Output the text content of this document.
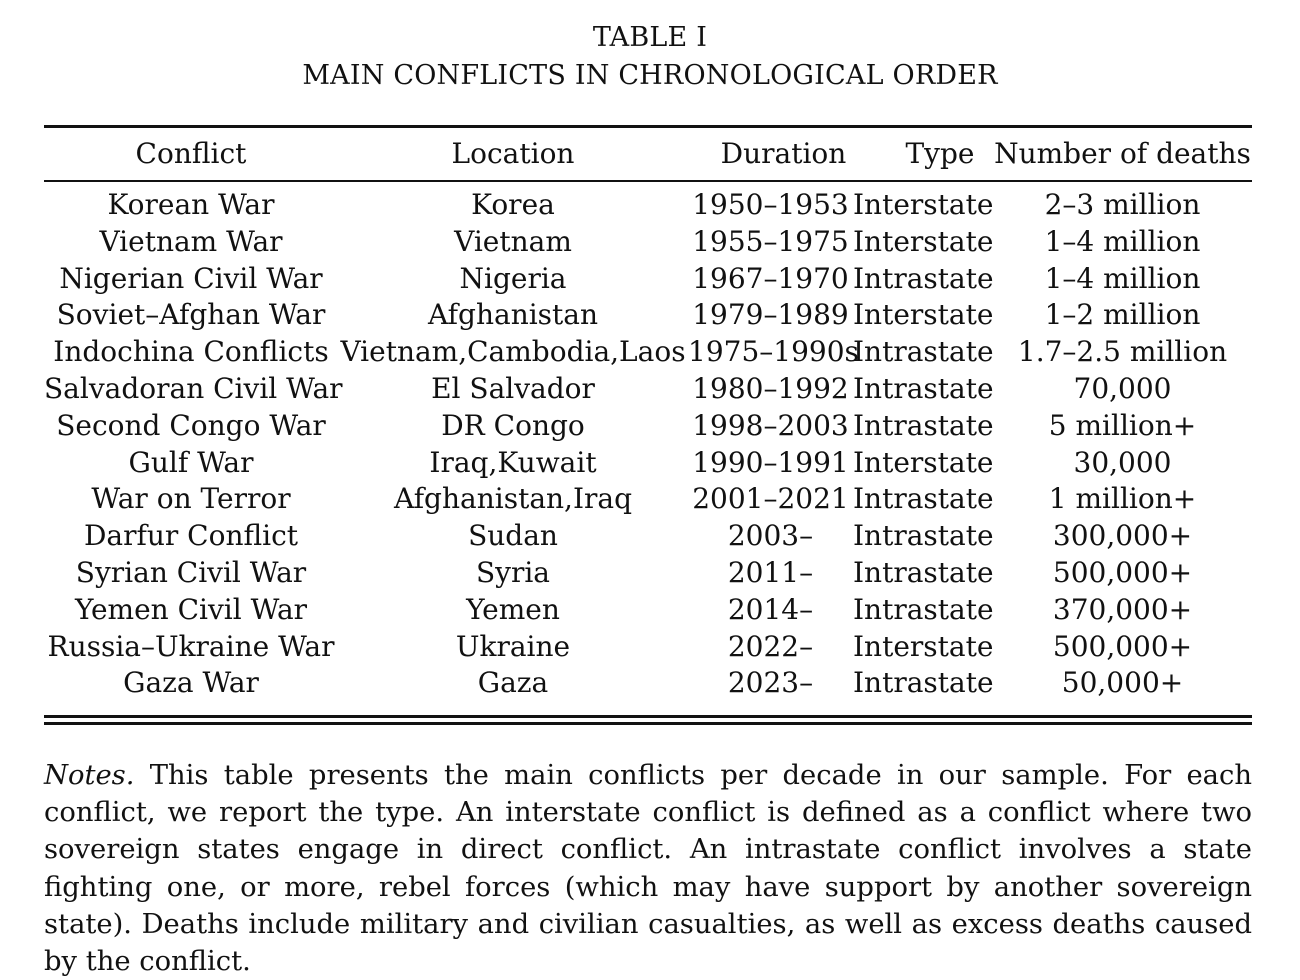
TABLE I
MAIN CONFLICTS IN CHRONOLOGICAL ORDER
Conflict	Location	Duration	Type	Number of deaths
Korean War	Korea	1950–1953	Interstate	2–3 million
Vietnam War	Vietnam	1955–1975	Interstate	1–4 million
Nigerian Civil War	Nigeria	1967–1970	Intrastate	1–4 million
Soviet–Afghan War	Afghanistan	1979–1989	Interstate	1–2 million
Indochina Conflicts	Vietnam,Cambodia,Laos	1975–1990s	Intrastate	1.7–2.5 million
Salvadoran Civil War	El Salvador	1980–1992	Intrastate	70,000
Second Congo War	DR Congo	1998–2003	Intrastate	5 million+
Gulf War	Iraq,Kuwait	1990–1991	Interstate	30,000
War on Terror	Afghanistan,Iraq	2001–2021	Intrastate	1 million+
Darfur Conflict	Sudan	2003–	Intrastate	300,000+
Syrian Civil War	Syria	2011–	Intrastate	500,000+
Yemen Civil War	Yemen	2014–	Intrastate	370,000+
Russia–Ukraine War	Ukraine	2022–	Interstate	500,000+
Gaza War	Gaza	2023–	Intrastate	50,000+
Notes. This table presents the main conflicts per decade in our sample. For each conflict, we report the type. An interstate conflict is defined as a conflict where two sovereign states engage in direct conflict. An intrastate conflict involves a state fighting one, or more, rebel forces (which may have support by another sovereign state). Deaths include military and civilian casualties, as well as excess deaths caused by the conflict.
